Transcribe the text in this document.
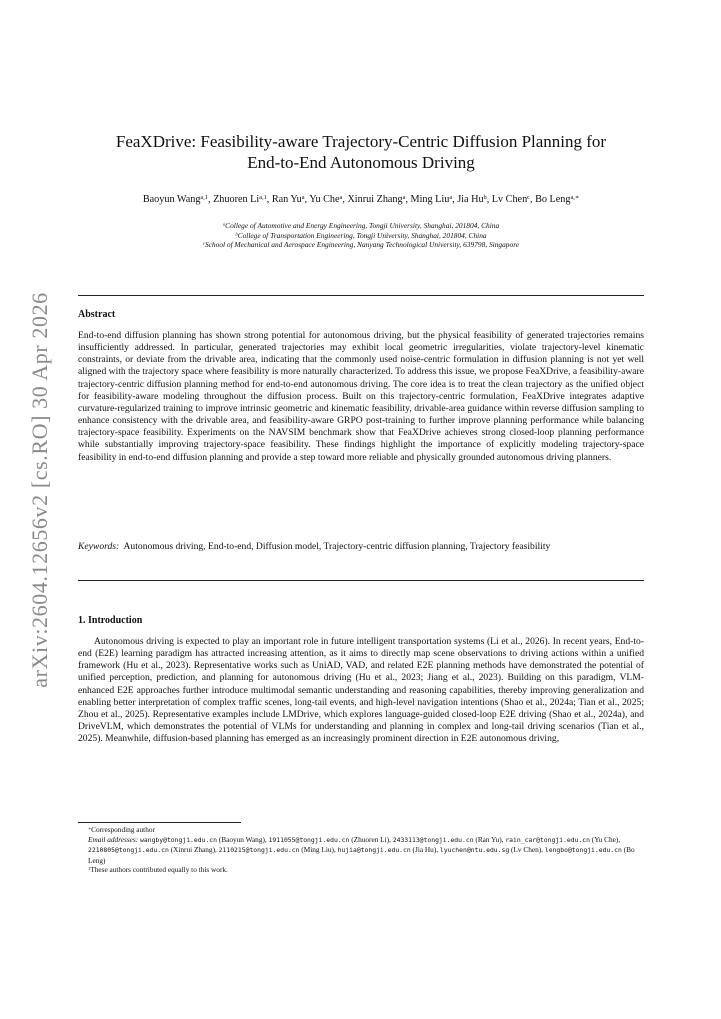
arXiv:2604.12656v2 [cs.RO] 30 Apr 2026
FeaXDrive: Feasibility-aware Trajectory-Centric Diffusion Planning for
End-to-End Autonomous Driving
Baoyun Wang$^{a,1}$, Zhuoren Li$^{a,1}$, Ran Yu$^a$, Yu Che$^a$, Xinrui Zhang$^a$, Ming Liu$^a$, Jia Hu$^b$, Lv Chen$^c$, Bo Leng$^{a,∗}$
$^a$College of Automotive and Energy Engineering, Tongji University, Shanghai, 201804, China
$^b$College of Transportation Engineering, Tongji University, Shanghai, 201804, China
$^c$School of Mechanical and Aerospace Engineering, Nanyang Technological University, 639798, Singapore
Abstract
End-to-end diffusion planning has shown strong potential for autonomous driving, but the physical feasibility of generated trajectories remains insufficiently addressed. In particular, generated trajectories may exhibit local geometric irregularities, violate trajectory-level kinematic constraints, or deviate from the drivable area, indicating that the commonly used noise-centric formulation in diffusion planning is not yet well aligned with the trajectory space where feasibility is more naturally characterized. To address this issue, we propose FeaXDrive, a feasibility-aware trajectory-centric diffusion planning method for end-to-end autonomous driving. The core idea is to treat the clean trajectory as the unified object for feasibility-aware modeling throughout the diffusion process. Built on this trajectory-centric formulation, FeaXDrive integrates adaptive curvature-regularized training to improve intrinsic geometric and kinematic feasibility, drivable-area guidance within reverse diffusion sampling to enhance consistency with the drivable area, and feasibility-aware GRPO post-training to further improve planning performance while balancing trajectory-space feasibility. Experiments on the NAVSIM benchmark show that FeaXDrive achieves strong closed-loop planning performance while substantially improving trajectory-space feasibility. These findings highlight the importance of explicitly modeling trajectory-space feasibility in end-to-end diffusion planning and provide a step toward more reliable and physically grounded autonomous driving planners.
Keywords: Autonomous driving, End-to-end, Diffusion model, Trajectory-centric diffusion planning, Trajectory feasibility
1. Introduction
Autonomous driving is expected to play an important role in future intelligent transportation systems (Li et al., 2026). In recent years, End-to-end (E2E) learning paradigm has attracted increasing attention, as it aims to directly map scene observations to driving actions within a unified framework (Hu et al., 2023). Representative works such as UniAD, VAD, and related E2E planning methods have demonstrated the potential of unified perception, prediction, and planning for autonomous driving (Hu et al., 2023; Jiang et al., 2023). Building on this paradigm, VLM-enhanced E2E approaches further introduce multimodal semantic understanding and reasoning capabilities, thereby improving generalization and enabling better interpretation of complex traffic scenes, long-tail events, and high-level navigation intentions (Shao et al., 2024a; Tian et al., 2025; Zhou et al., 2025). Representative examples include LMDrive, which explores language-guided closed-loop E2E driving (Shao et al., 2024a), and DriveVLM, which demonstrates the potential of VLMs for understanding and planning in complex and long-tail driving scenarios (Tian et al., 2025). Meanwhile, diffusion-based planning has emerged as an increasingly prominent direction in E2E autonomous driving,
∗Corresponding author
Email addresses: wangby@tongji.edu.cn (Baoyun Wang), 1911055@tongji.edu.cn (Zhuoren Li), 2433113@tongji.edu.cn (Ran Yu), rain_car@tongji.edu.cn (Yu Che), 2210805@tongji.edu.cn (Xinrui Zhang), 2110215@tongji.edu.cn (Ming Liu), hujia@tongji.edu.cn (Jia Hu), lyuchen@ntu.edu.sg (Lv Chen), lengbo@tongji.edu.cn (Bo Leng)
$^1$These authors contributed equally to this work.
